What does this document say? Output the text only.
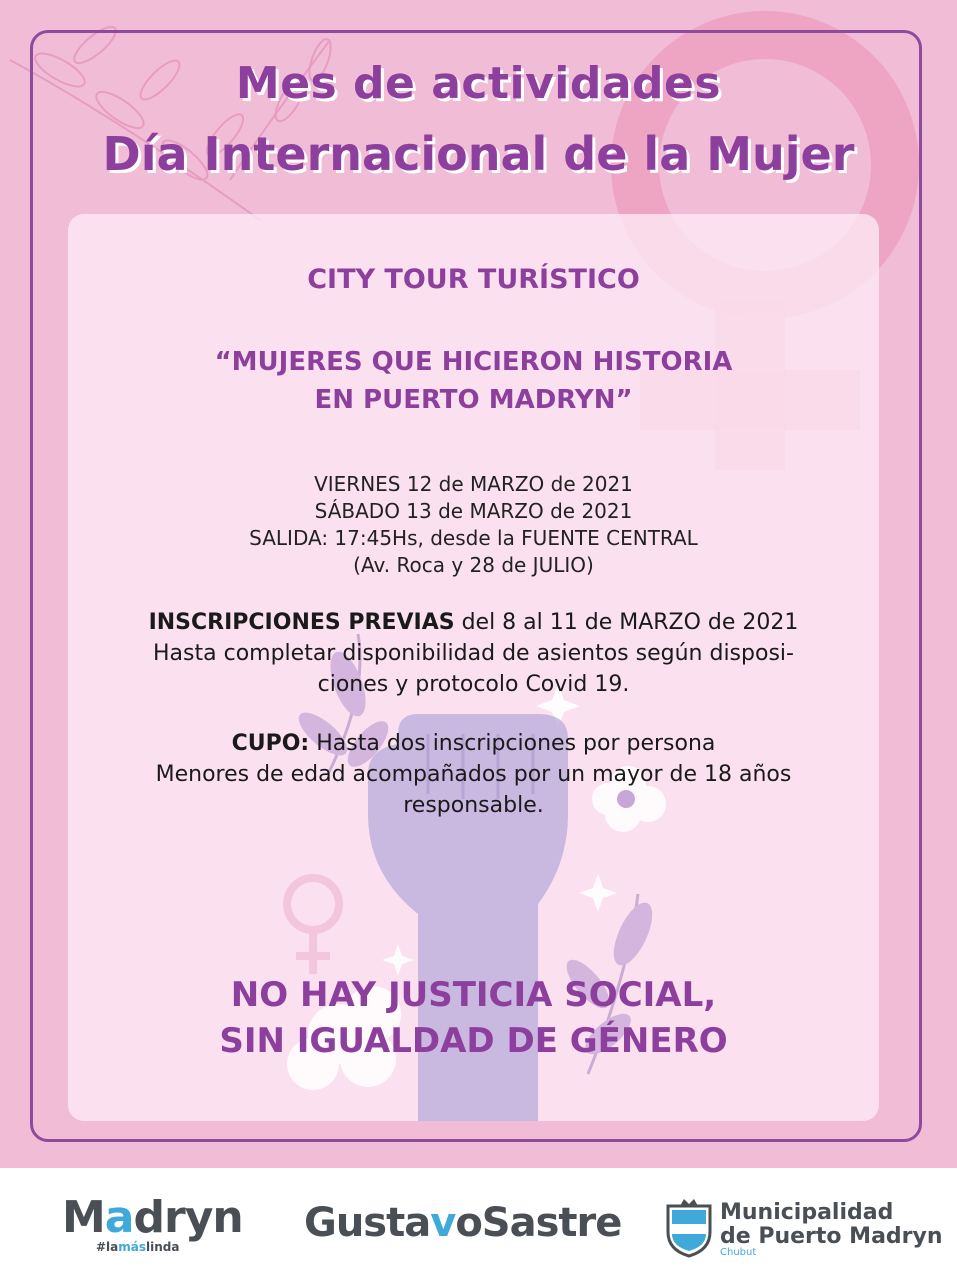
Mes de actividades
Día Internacional de la Mujer
CITY TOUR TURÍSTICO
“MUJERES QUE HICIERON HISTORIA
EN PUERTO MADRYN”
VIERNES 12 de MARZO de 2021
SÁBADO 13 de MARZO de 2021
SALIDA: 17:45Hs, desde la FUENTE CENTRAL
(Av. Roca y 28 de JULIO)
INSCRIPCIONES PREVIAS del 8 al 11 de MARZO de 2021
Hasta completar disponibilidad de asientos según disposi-
ciones y protocolo Covid 19.
CUPO: Hasta dos inscripciones por persona
Menores de edad acompañados por un mayor de 18 años
responsable.
NO HAY JUSTICIA SOCIAL,
SIN IGUALDAD DE GÉNERO
Madryn
#lamáslinda
GustavoSastre	Municipalidad
de Puerto Madryn
Chubut
